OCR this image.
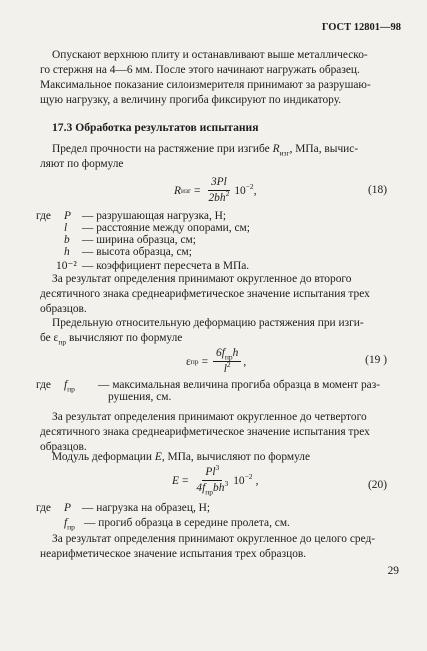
ГОСТ 12801—98
Опускают верхнюю плиту и останавливают выше металлическо-
го стержня на 4—6 мм. После этого начинают нагружать образец.
Максимальное показание силоизмерителя принимают за разрушаю-
щую нагрузку, а величину прогиба фиксируют по индикатору.
17.3 Обработка результатов испытания
Предел прочности на растяжение при изгибе $R_{изг}$, МПа, вычис-
ляют по формуле
R изг = $\frac{3Pl}{2bh^2} 10^{-2}$ ,	(18)
где P — разрушающая нагрузка, Н;
l — расстояние между опорами, см;
b — ширина образца, см;
h — высота образца, см;
10⁻²— коэффициент пересчета в МПа.
За результат определения принимают округленное до второго
десятичного знака среднеарифметическое значение испытания трех
образцов.
Предельную относительную деформацию растяжения при изги-
бе $\varepsilon_{пр}$ вычисляют по формуле
ε пр = $\frac{6f_{пр}h}{l^2}$ ,	(19 )
где $f_{пр}$ — максимальная величина прогиба образца в момент раз-
рушения, см.
За результат определения принимают округленное до четвертого
десятичного знака среднеарифметическое значение испытания трех
образцов.
Модуль деформации E, МПа, вычисляют по формуле
$E = \frac{Pl^3}{4f_{пр}bh^3} 10^{-2}$ ,	(20)
где P — нагрузка на образец, Н;
$f_{пр}$ — прогиб образца в середине пролета, см.
За результат определения принимают округленное до целого сред-
неарифметическое значение испытания трех образцов.
29
